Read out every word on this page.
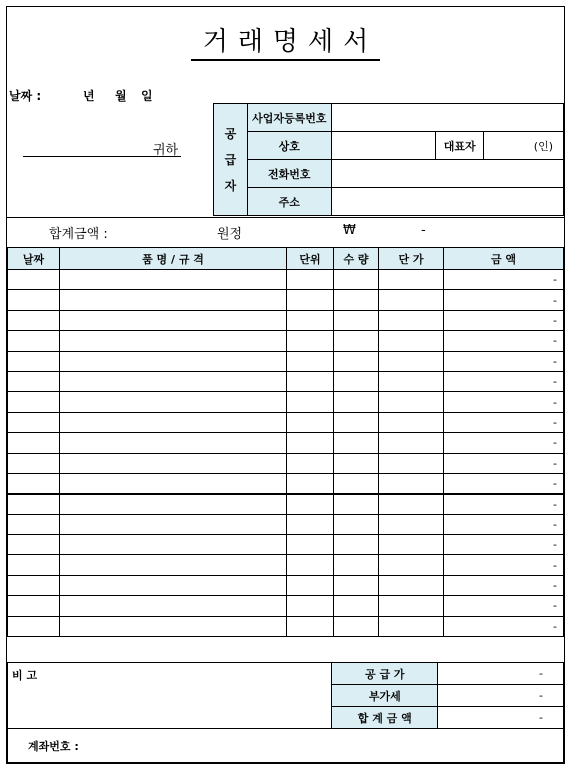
거래명세서
날짜 :	년 월 일
귀하
공
급
자	사업자등록번호			
	상호		대표자	(인)
	전화번호			
	주소			
합계금액 :	원정	₩	-
날짜	품 명 / 규 격	단위	수 량	단 가	금 액
					-
					-
					-
					-
					-
					-
					-
					-
					-
					-
					-
					-
					-
					-
					-
					-
					-
					-
비 고	공 급 가	-
	부가세	-
	합 계 금 액	-
계좌번호 :		
